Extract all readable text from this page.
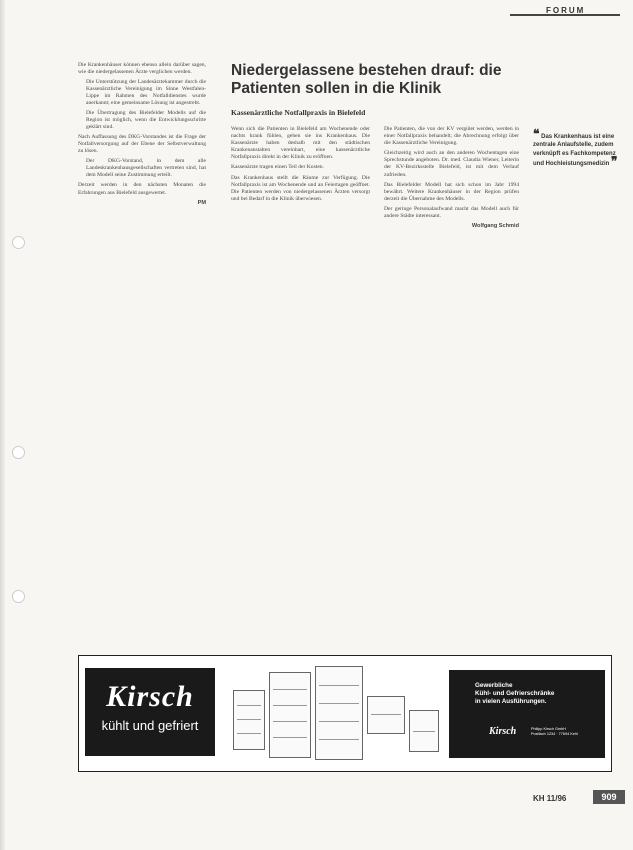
FORUM

Die Krankenhäuser können ebenso allein darüber sagen, wie die niedergelassenen Ärzte verglichen werden.

• Die Unterstützung der Landesärztekammer durch die Kassenärztliche Vereinigung im Sinne Westfalen-Lippe im Rahmen des Notfalldienstes wurde anerkannt; eine gemeinsame Lösung ist angestrebt.
• Die Übertragung des Bielefelder Modells auf die Region ist möglich, wenn die Entwicklungsschritte geklärt sind.

Nach Auffassung des DKG-Vorstandes ist die Frage der Notfallversorgung auf der Ebene der Selbstverwaltung zu lösen.

• Der DKG-Vorstand, in dem alle Landeskrankenhausgesellschaften vertreten sind, hat dem Modell seine Zustimmung erteilt.

Derzeit werden in den nächsten Monaten die Erfahrungen aus Bielefeld ausgewertet.

PM
Niedergelassene bestehen drauf: die Patienten sollen in die Klinik
Kassenärztliche Notfallpraxis in Bielefeld

Wenn sich die Patienten in Bielefeld am Wochenende oder nachts krank fühlen, gehen sie ins Krankenhaus. Die Kassenärzte haben deshalb mit den städtischen Krankenanstalten vereinbart, eine kassenärztliche Notfallpraxis direkt in der Klinik zu eröffnen.

Kassenärzte tragen einen Teil der Kosten.

Das Krankenhaus stellt die Räume zur Verfügung. Die Notfallpraxis ist am Wochenende und an Feiertagen geöffnet. Die Patienten werden von niedergelassenen Ärzten versorgt und bei Bedarf in die Klinik überwiesen.

Die Patienten, die von der KV vergütet werden, werden in einer Notfallpraxis behandelt; die Abrechnung erfolgt über die Kassenärztliche Vereinigung.

Gleichzeitig wird auch an den anderen Wochentagen eine Sprechstunde angeboten. Dr. med. Claudia Wiener, Leiterin der KV-Bezirksstelle Bielefeld, ist mit dem Verlauf zufrieden.

Das Bielefelder Modell hat sich schon im Jahr 1994 bewährt. Weitere Krankenhäuser in der Region prüfen derzeit die Übernahme des Modells.

Der geringe Personalaufwand macht das Modell auch für andere Städte interessant.

Wolfgang Schmid
❝ Das Krankenhaus ist eine zentrale Anlaufstelle, zudem verknüpft es Fachkompetenz und Hochleistungsmedizin ❞
Kirsch
kühlt und gefriert
Gewerbliche
Kühl- und Gefrierschränke
in vielen Ausführungen.
Kirsch	Philipp Kirsch GmbH
Postfach 1234 · 77694 Kehl
KH 11/96	909
